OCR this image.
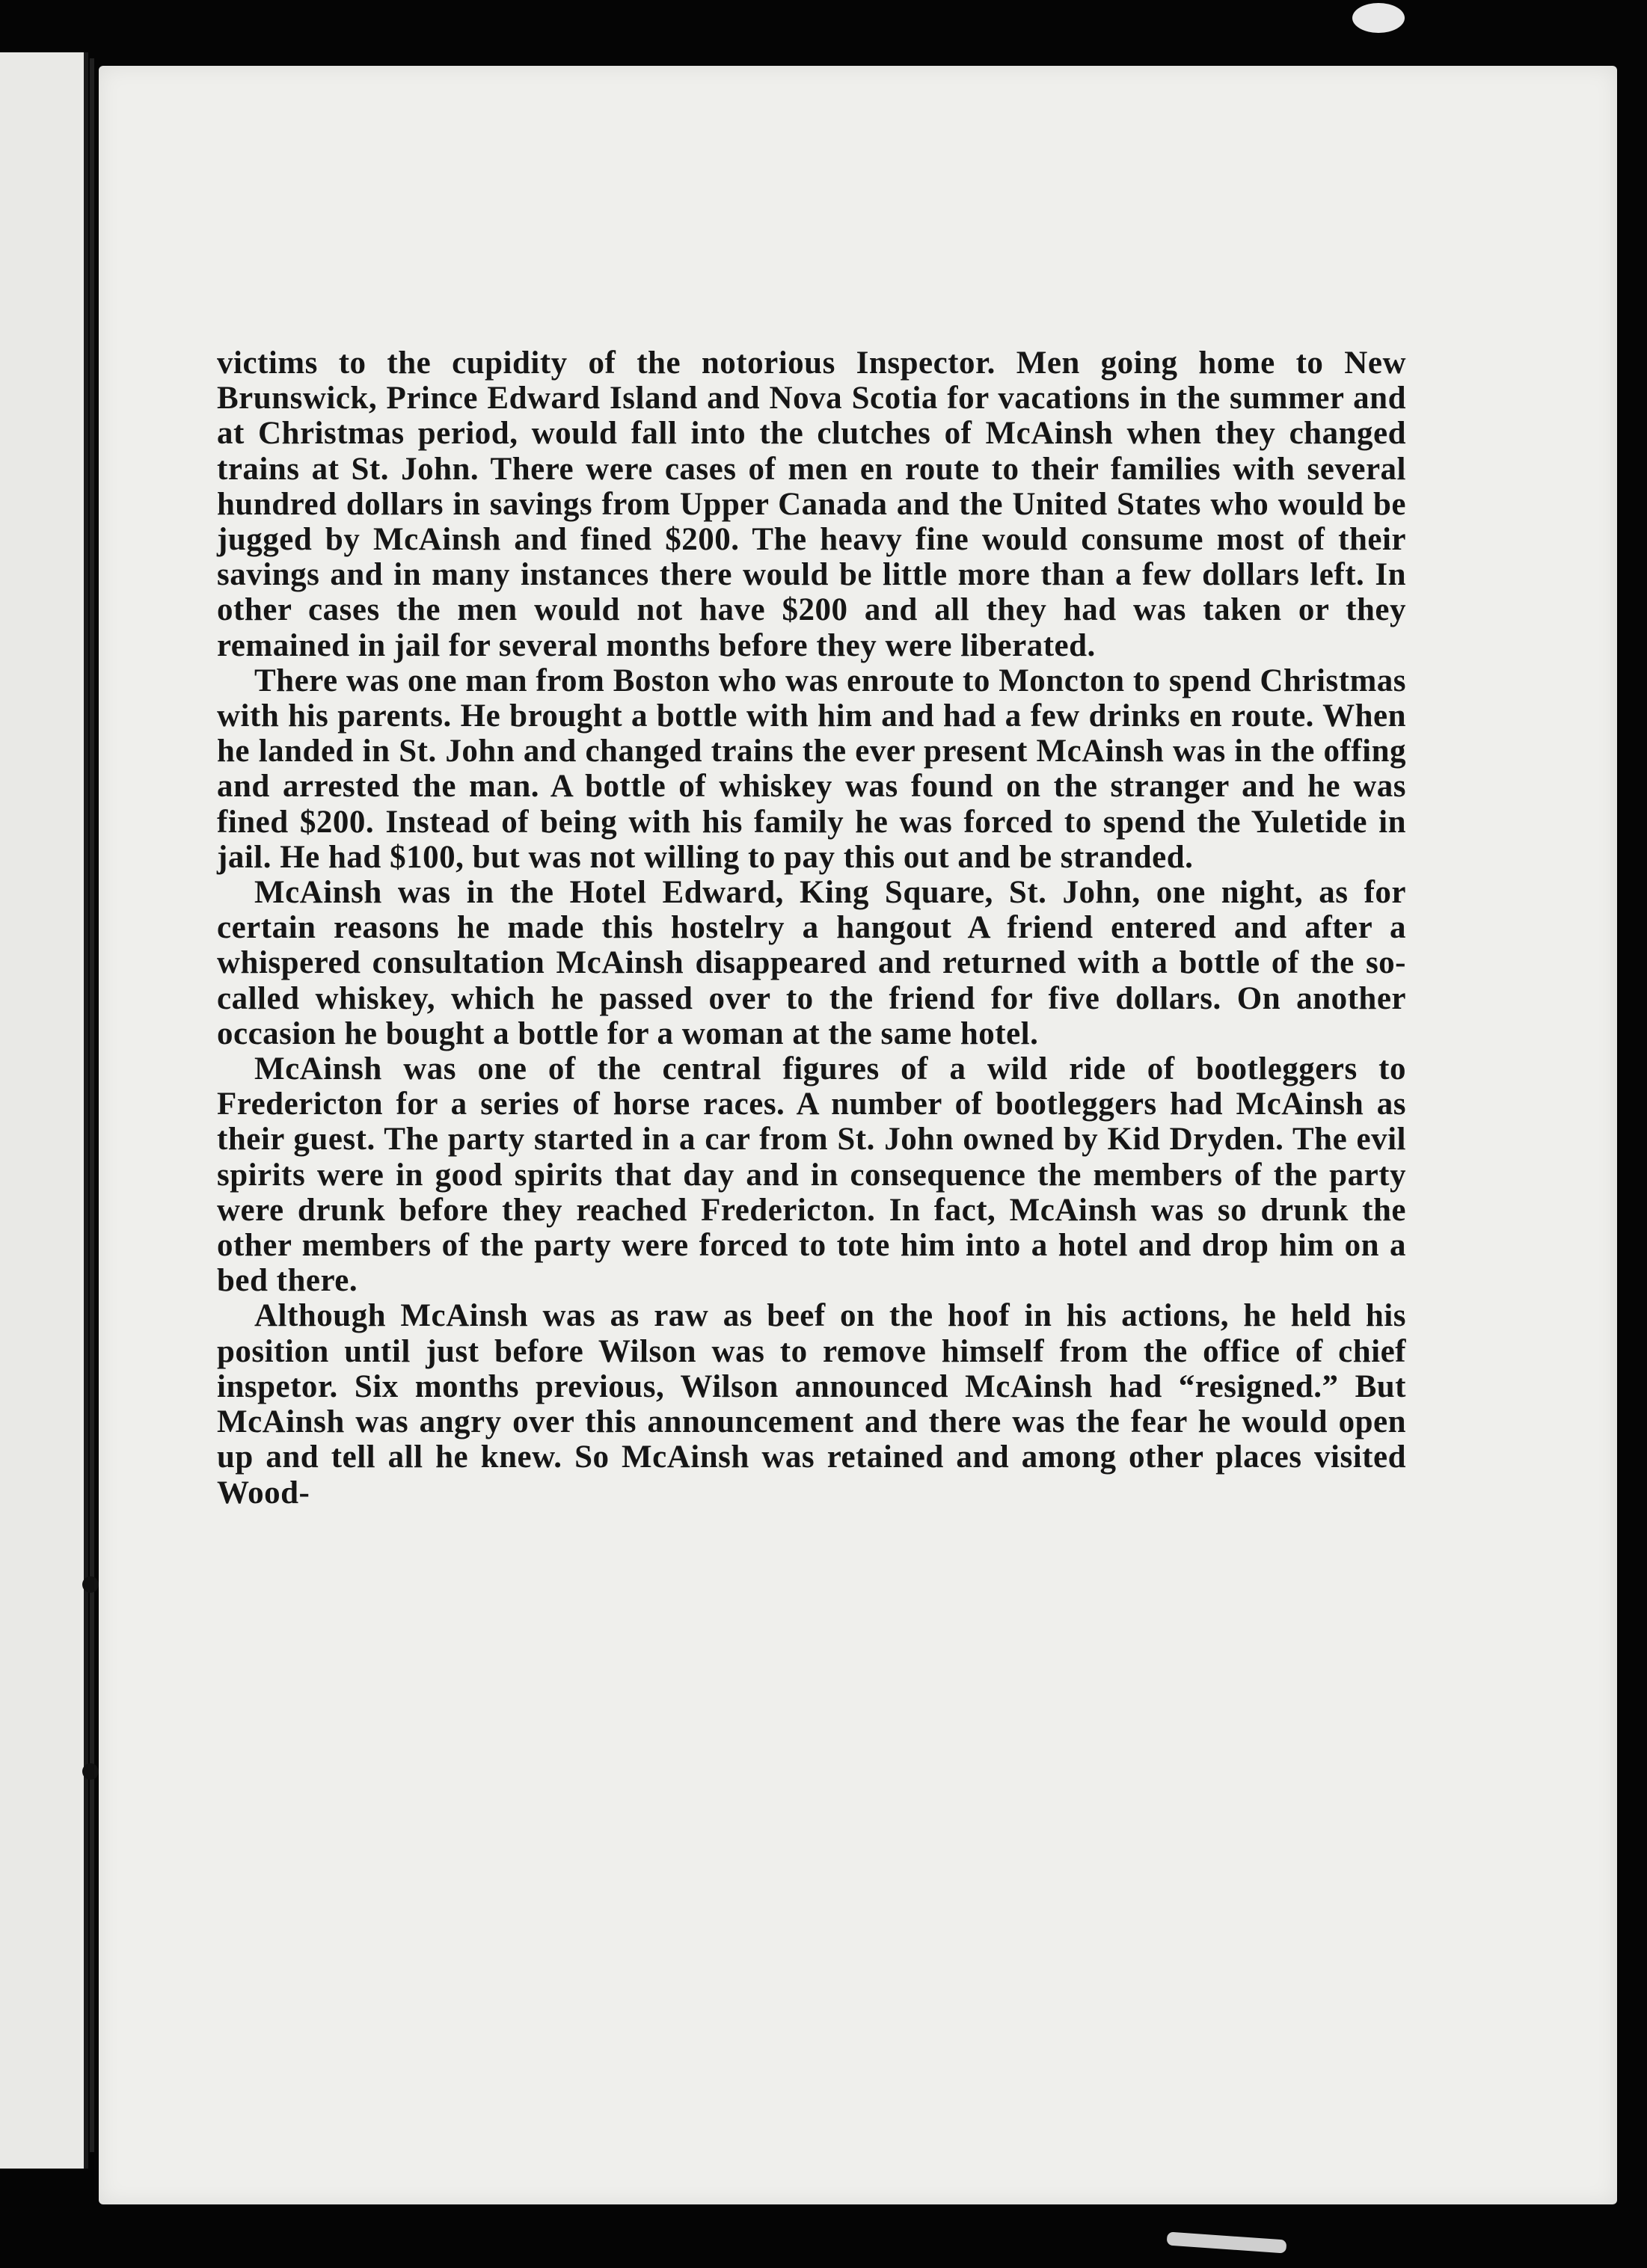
victims to the cupidity of the notorious Inspector. Men going home to New Brunswick, Prince Edward Island and Nova Scotia for vacations in the summer and at Christmas period, would fall into the clutches of McAinsh when they changed trains at St. John. There were cases of men en route to their families with several hundred dollars in savings from Upper Canada and the United States who would be jugged by McAinsh and fined $200. The heavy fine would consume most of their savings and in many instances there would be little more than a few dollars left. In other cases the men would not have $200 and all they had was taken or they remained in jail for several months before they were liberated.

There was one man from Boston who was enroute to Moncton to spend Christmas with his parents. He brought a bottle with him and had a few drinks en route. When he landed in St. John and changed trains the ever present McAinsh was in the offing and arrested the man. A bottle of whiskey was found on the stranger and he was fined $200. Instead of being with his family he was forced to spend the Yuletide in jail. He had $100, but was not willing to pay this out and be stranded.

McAinsh was in the Hotel Edward, King Square, St. John, one night, as for certain reasons he made this hostelry a hangout A friend entered and after a whispered consultation McAinsh disappeared and returned with a bottle of the so-called whiskey, which he passed over to the friend for five dollars. On another occasion he bought a bottle for a woman at the same hotel.

McAinsh was one of the central figures of a wild ride of bootleggers to Fredericton for a series of horse races. A number of bootleggers had McAinsh as their guest. The party started in a car from St. John owned by Kid Dryden. The evil spirits were in good spirits that day and in consequence the members of the party were drunk before they reached Fredericton. In fact, McAinsh was so drunk the other members of the party were forced to tote him into a hotel and drop him on a bed there.

Although McAinsh was as raw as beef on the hoof in his actions, he held his position until just before Wilson was to remove himself from the office of chief inspetor. Six months previous, Wilson announced McAinsh had “resigned.” But McAinsh was angry over this announcement and there was the fear he would open up and tell all he knew. So McAinsh was retained and among other places visited Wood-
